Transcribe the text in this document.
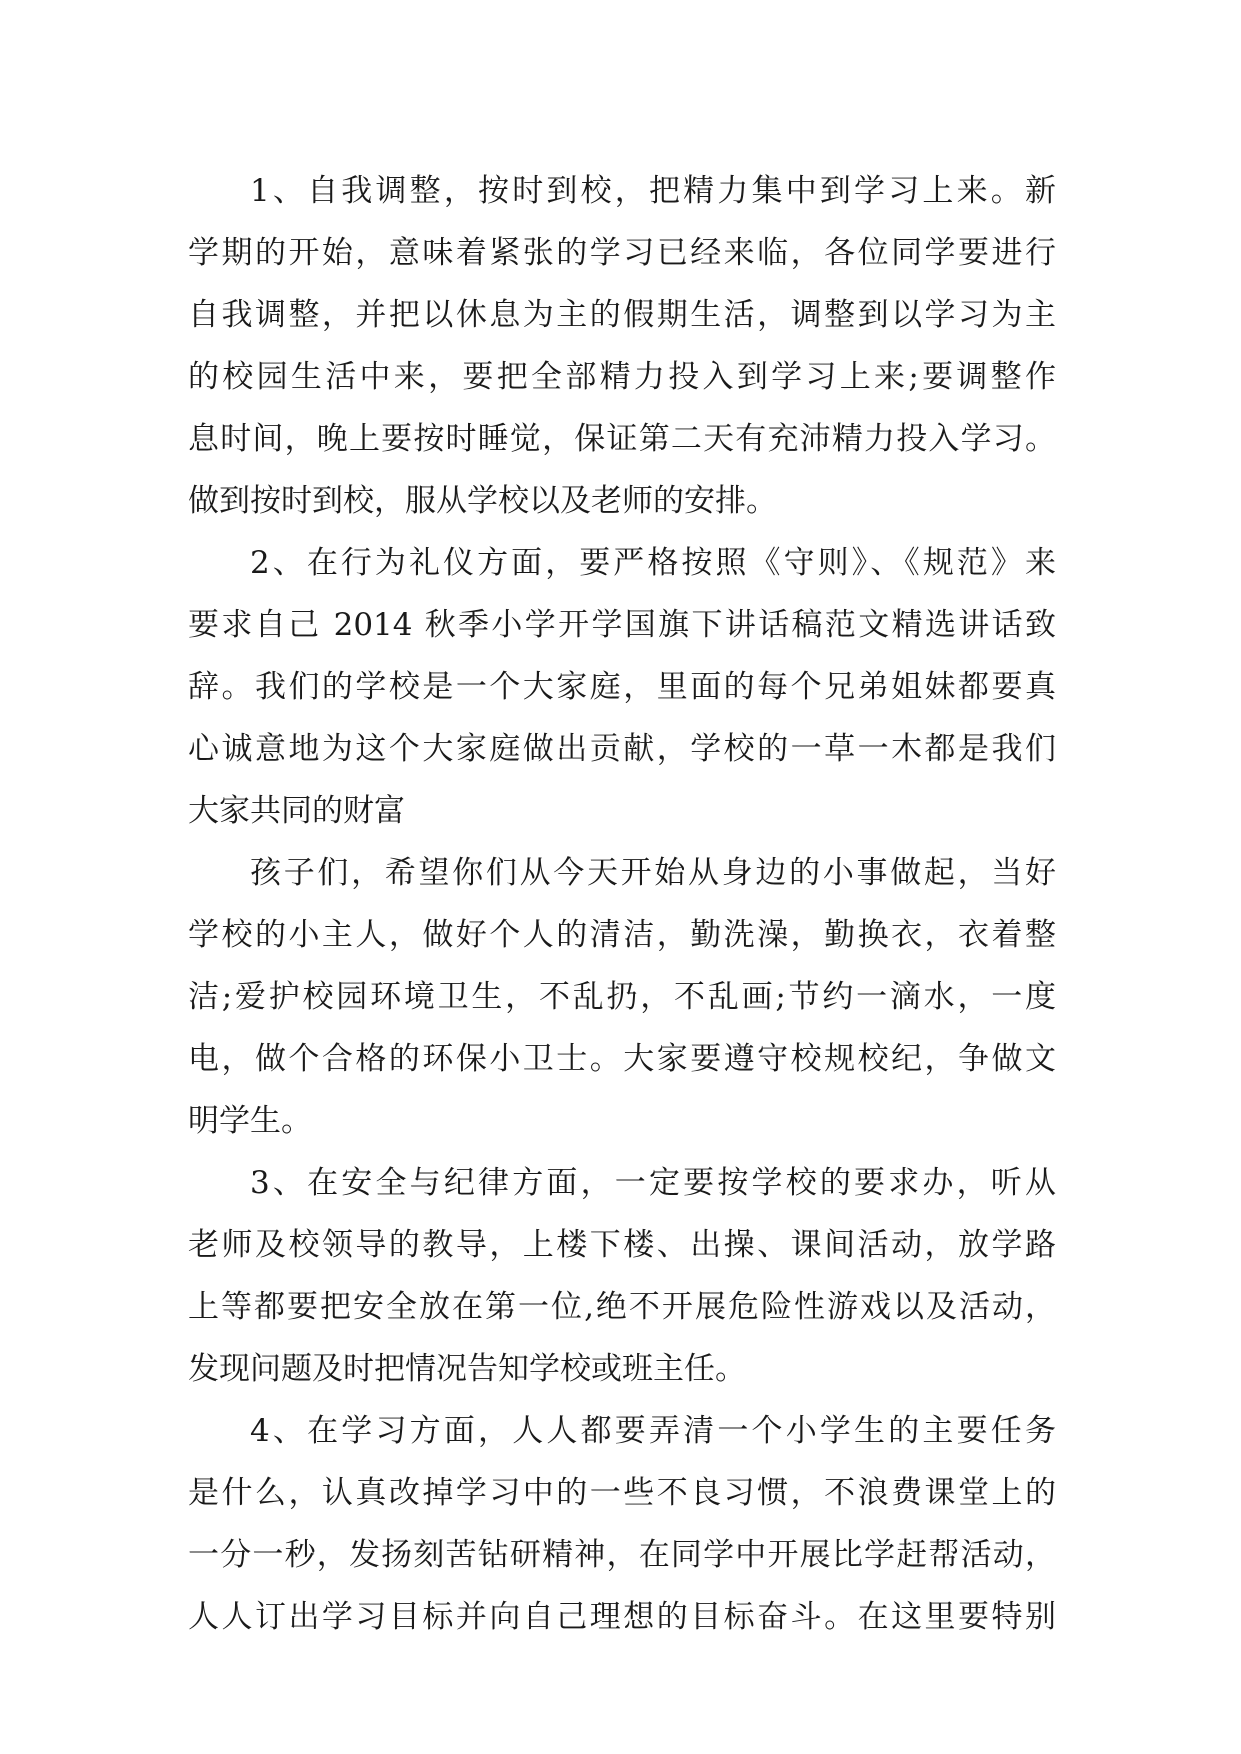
1、自我调整，按时到校，把精力集中到学习上来。新
学期的开始，意味着紧张的学习已经来临，各位同学要进行
自我调整，并把以休息为主的假期生活，调整到以学习为主
的校园生活中来，要把全部精力投入到学习上来;要调整作
息时间，晚上要按时睡觉，保证第二天有充沛精力投入学习。
做到按时到校，服从学校以及老师的安排。
2、在行为礼仪方面，要严格按照《守则》、《规范》来
要求自己 2014 秋季小学开学国旗下讲话稿范文精选讲话致
辞。我们的学校是一个大家庭，里面的每个兄弟姐妹都要真
心诚意地为这个大家庭做出贡献，学校的一草一木都是我们
大家共同的财富
孩子们，希望你们从今天开始从身边的小事做起，当好
学校的小主人，做好个人的清洁，勤洗澡，勤换衣，衣着整
洁;爱护校园环境卫生，不乱扔，不乱画;节约一滴水，一度
电，做个合格的环保小卫士。大家要遵守校规校纪，争做文
明学生。
3、在安全与纪律方面，一定要按学校的要求办，听从
老师及校领导的教导，上楼下楼、出操、课间活动，放学路
上等都要把安全放在第一位,绝不开展危险性游戏以及活动，
发现问题及时把情况告知学校或班主任。
4、在学习方面，人人都要弄清一个小学生的主要任务
是什么，认真改掉学习中的一些不良习惯，不浪费课堂上的
一分一秒，发扬刻苦钻研精神，在同学中开展比学赶帮活动，
人人订出学习目标并向自己理想的目标奋斗。在这里要特别
